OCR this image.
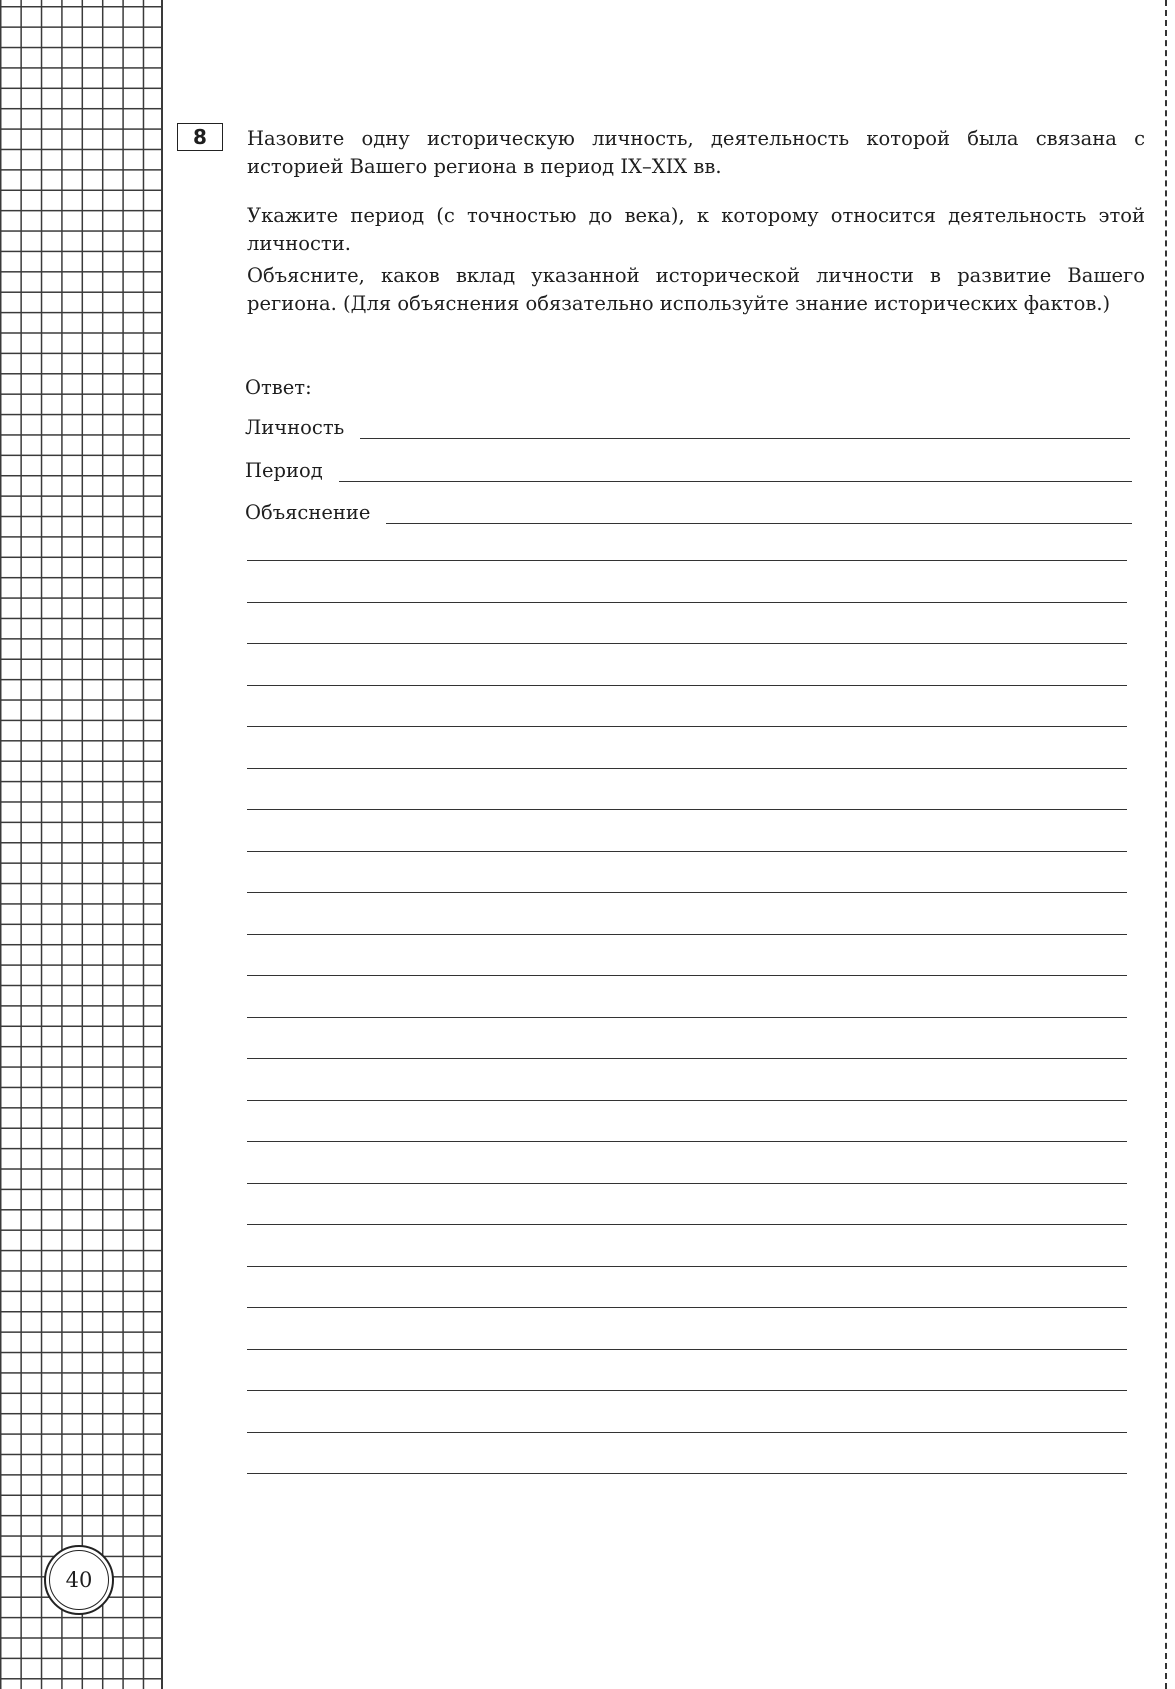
8	Назовите одну историческую личность, деятельность которой была связана с историей Вашего региона в период IX–XIX вв.

Укажите период (с точностью до века), к которому относится деятельность этой личности.

Объясните, каков вклад указанной исторической личности в развитие Вашего региона. (Для объяснения обязательно используйте знание исторических фактов.)

Ответ:
Личность
Период
Объяснение
40
